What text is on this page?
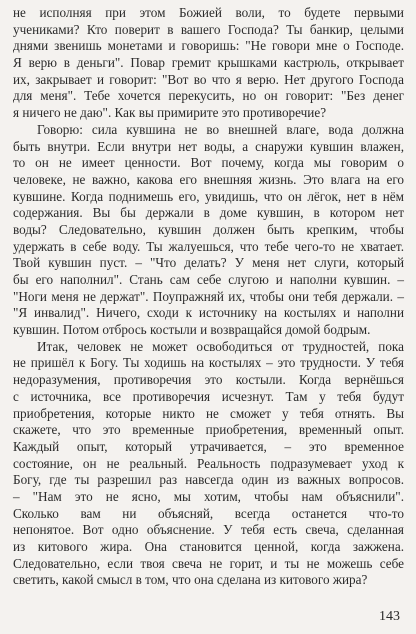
не исполняя при этом Божией воли, то будете первыми
учениками? Кто поверит в вашего Господа? Ты банкир, целыми
днями звенишь монетами и говоришь: "Не говори мне о Господе.
Я верю в деньги". Повар гремит крышками кастрюль, открывает
их, закрывает и говорит: "Вот во что я верю. Нет другого Господа
для меня". Тебе хочется перекусить, но он говорит: "Без денег
я ничего не даю". Как вы примирите это противоречие?
Говорю: сила кувшина не во внешней влаге, вода должна
быть внутри. Если внутри нет воды, а снаружи кувшин влажен,
то он не имеет ценности. Вот почему, когда мы говорим о
человеке, не важно, какова его внешняя жизнь. Это влага на его
кувшине. Когда поднимешь его, увидишь, что он лёгок, нет в нём
содержания. Вы бы держали в доме кувшин, в котором нет
воды? Следовательно, кувшин должен быть крепким, чтобы
удержать в себе воду. Ты жалуешься, что тебе чего-то не хватает.
Твой кувшин пуст. – "Что делать? У меня нет слуги, который
бы его наполнил". Стань сам себе слугою и наполни кувшин. –
"Ноги меня не держат". Поупражняй их, чтобы они тебя держали. –
"Я инвалид". Ничего, сходи к источнику на костылях и наполни
кувшин. Потом отбрось костыли и возвращайся домой бодрым.
Итак, человек не может освободиться от трудностей, пока
не пришёл к Богу. Ты ходишь на костылях – это трудности. У тебя
недоразумения, противоречия это костыли. Когда вернёшься
с источника, все противоречия исчезнут. Там у тебя будут
приобретения, которые никто не сможет у тебя отнять. Вы
скажете, что это временные приобретения, временный опыт.
Каждый опыт, который утрачивается, – это временное
состояние, он не реальный. Реальность подразумевает уход к
Богу, где ты разрешил раз навсегда один из важных вопросов.
– "Нам это не ясно, мы хотим, чтобы нам объяснили".
Сколько вам ни объясняй, всегда останется что-то
непонятое. Вот одно объяснение. У тебя есть свеча, сделанная
из китового жира. Она становится ценной, когда зажжена.
Следовательно, если твоя свеча не горит, и ты не можешь себе
светить, какой смысл в том, что она сделана из китового жира?
143
